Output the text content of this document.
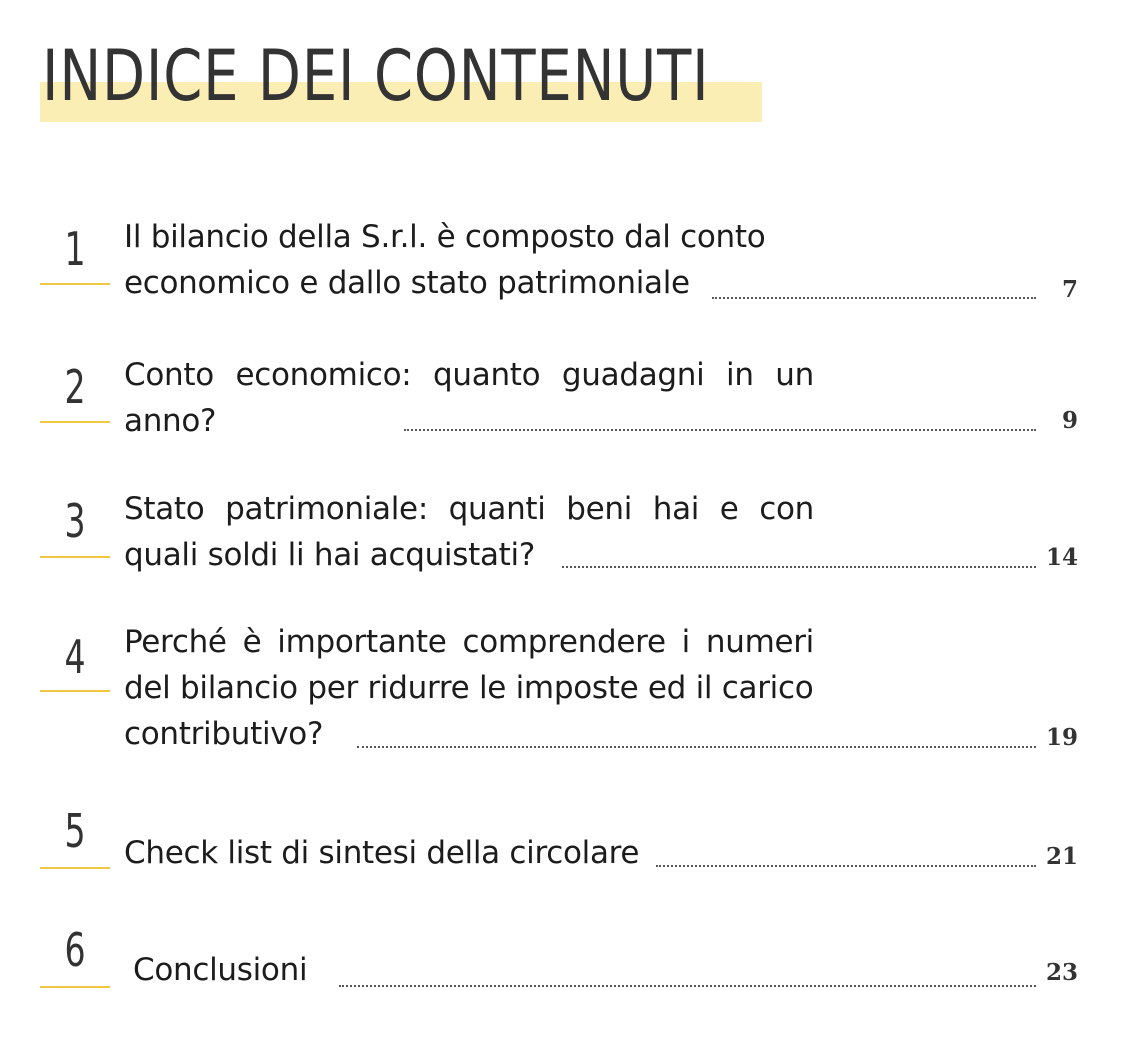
INDICE DEI CONTENUTI
1	Il bilancio della S.r.l. è composto dal conto
economico e dallo stato patrimoniale	7
2	Conto economico: quanto guadagni in un
anno?	9
3	Stato patrimoniale: quanti beni hai e con
quali soldi li hai acquistati?	14
4	Perché è importante comprendere i numeri
del bilancio per ridurre le imposte ed il carico
contributivo?	19
5	Check list di sintesi della circolare	21
6	Conclusioni	23
